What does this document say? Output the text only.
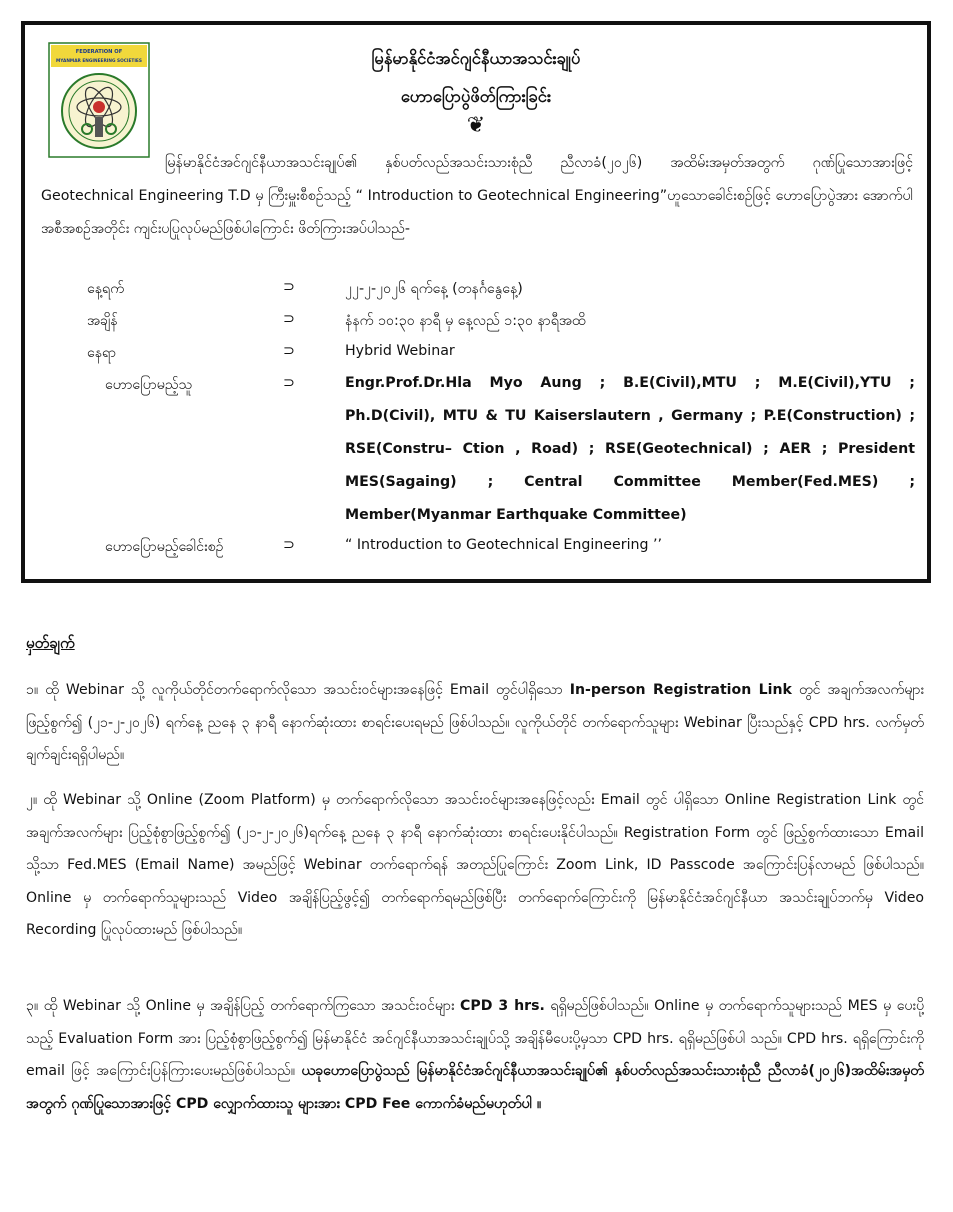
FEDERATION OF
MYANMAR ENGINEERING SOCIETIES	မြန်မာနိုင်ငံအင်ဂျင်နီယာအသင်းချုပ်
ဟောပြောပွဲဖိတ်ကြားခြင်း
❦
မြန်မာနိုင်ငံအင်ဂျင်နီယာအသင်းချုပ်၏ နှစ်ပတ်လည်အသင်းသားစုံညီ ညီလာခံ(၂၀၂၆) အထိမ်းအမှတ်အတွက် ဂုဏ်ပြုသောအားဖြင့် Geotechnical Engineering T.D မှ ကြီးမှူးစီစဉ်သည့် “ Introduction to Geotechnical Engineering”ဟူသောခေါင်းစဉ်ဖြင့် ဟောပြောပွဲအား အောက်ပါအစီအစဉ်အတိုင်း ကျင်းပပြုလုပ်မည်ဖြစ်ပါကြောင်း ဖိတ်ကြားအပ်ပါသည်-
နေ့ရက်	⊃	၂၂-၂-၂၀၂၆ ရက်နေ့ (တနင်္ဂနွေနေ့)
အချိန်	⊃	နံနက် ၁၀:၃၀ နာရီ မှ နေ့လည် ၁:၃၀ နာရီအထိ
နေရာ	⊃	Hybrid Webinar
ဟောပြောမည့်သူ	⊃	Engr.Prof.Dr.Hla Myo Aung ; B.E(Civil),MTU ; M.E(Civil),YTU ; Ph.D(Civil), MTU & TU Kaiserslautern , Germany ; P.E(Construction) ; RSE(Constru– Ction , Road) ; RSE(Geotechnical) ; AER ; President MES(Sagaing) ; Central Committee Member(Fed.MES) ; Member(Myanmar Earthquake Committee)
ဟောပြောမည့်ခေါင်းစဉ်	⊃	“ Introduction to Geotechnical Engineering ’’
မှတ်ချက်
၁။ ထို Webinar သို့ လူကိုယ်တိုင်တက်ရောက်လိုသော အသင်းဝင်များအနေဖြင့် Email တွင်ပါရှိသော In-person Registration Link တွင် အချက်အလက်များ ဖြည့်စွက်၍ (၂၁-၂-၂၀၂၆) ရက်နေ့ ညနေ ၃ နာရီ နောက်ဆုံးထား စာရင်းပေးရမည် ဖြစ်ပါသည်။ လူကိုယ်တိုင် တက်ရောက်သူများ Webinar ပြီးသည်နှင့် CPD hrs. လက်မှတ်ချက်ချင်းရရှိပါမည်။
၂။ ထို Webinar သို့ Online (Zoom Platform) မှ တက်ရောက်လိုသော အသင်းဝင်များအနေဖြင့်လည်း Email တွင် ပါရှိသော Online Registration Link တွင် အချက်အလက်များ ပြည့်စုံစွာဖြည့်စွက်၍ (၂၁-၂-၂၀၂၆)ရက်နေ့ ညနေ ၃ နာရီ နောက်ဆုံးထား စာရင်းပေးနိုင်ပါသည်။ Registration Form တွင် ဖြည့်စွက်ထားသော Email သို့သာ Fed.MES (Email Name) အမည်ဖြင့် Webinar တက်ရောက်ရန် အတည်ပြုကြောင်း Zoom Link, ID Passcode အကြောင်းပြန်လာမည် ဖြစ်ပါသည်။ Online မှ တက်ရောက်သူများသည် Video အချိန်ပြည့်ဖွင့်၍ တက်ရောက်ရမည်ဖြစ်ပြီး တက်ရောက်ကြောင်းကို မြန်မာနိုင်ငံအင်ဂျင်နီယာ အသင်းချုပ်ဘက်မှ Video Recording ပြုလုပ်ထားမည် ဖြစ်ပါသည်။
၃။ ထို Webinar သို့ Online မှ အချိန်ပြည့် တက်ရောက်ကြသော အသင်းဝင်များ CPD 3 hrs. ရရှိမည်ဖြစ်ပါသည်။ Online မှ တက်ရောက်သူများသည် MES မှ ပေးပို့သည့် Evaluation Form အား ပြည့်စုံစွာဖြည့်စွက်၍ မြန်မာနိုင်ငံ အင်ဂျင်နီယာအသင်းချုပ်သို့ အချိန်မီပေးပို့မှသာ CPD hrs. ရရှိမည်ဖြစ်ပါ သည်။ CPD hrs. ရရှိကြောင်းကို email ဖြင့် အကြောင်းပြန်ကြားပေးမည်ဖြစ်ပါသည်။ ယခုဟောပြောပွဲသည် မြန်မာနိုင်ငံအင်ဂျင်နီယာအသင်းချုပ်၏ နှစ်ပတ်လည်အသင်းသားစုံညီ ညီလာခံ(၂၀၂၆)အထိမ်းအမှတ်အတွက် ဂုဏ်ပြုသောအားဖြင့် CPD လျှောက်ထားသူ များအား CPD Fee ကောက်ခံမည်မဟုတ်ပါ ။
